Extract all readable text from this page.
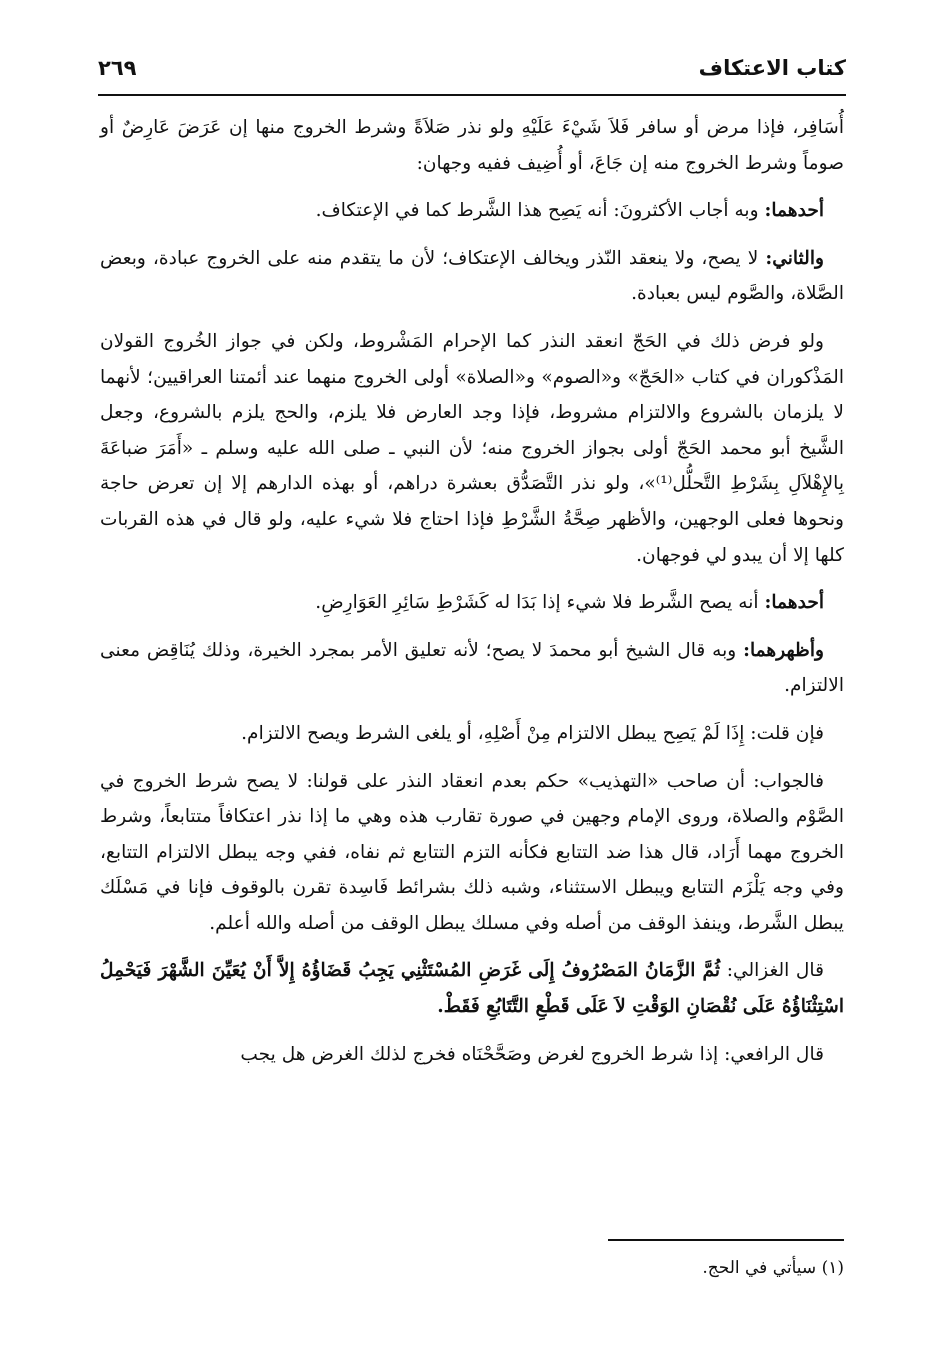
كتاب الاعتكاف
٢٦٩

أُسَافِر، فإذا مرض أو سافر فَلاَ شَيْءَ عَلَيْهِ ولو نذر صَلاَةً وشرط الخروج منها إن عَرَضَ عَارِضٌ أو صوماً وشرط الخروج منه إن جَاعَ، أو أُضِيف ففيه وجهان:

أحدهما: وبه أجاب الأكثرونَ: أنه يَصِح هذا الشَّرط كما في الإعتكاف.

والثاني: لا يصح، ولا ينعقد النّذر ويخالف الإعتكاف؛ لأن ما يتقدم منه على الخروج عبادة، وبعض الصَّلاة، والصَّوم ليس بعبادة.

ولو فرض ذلك في الحَجّ انعقد النذر كما الإحرام المَشْروط، ولكن في جواز الخُروج القولان المَذْكوران في كتاب «الحَجّ» و«الصوم» و«الصلاة» أولى الخروج منهما عند أئمتنا العراقيين؛ لأنهما لا يلزمان بالشروع والالتزام مشروط، فإذا وجد العارض فلا يلزم، والحج يلزم بالشروع، وجعل الشَّيخ أبو محمد الحَجّ أولى بجواز الخروج منه؛ لأن النبي ـ صلى الله عليه وسلم ـ «أَمَرَ ضباعَةَ بِالإِهْلاَلِ بِشَرْطِ التَّحلُّل⁽¹⁾»، ولو نذر التَّصَدُّق بعشرة دراهم، أو بهذه الدارهم إلا إن تعرض حاجة ونحوها فعلى الوجهين، والأظهر صِحَّةُ الشَّرْطِ فإذا احتاج فلا شيء عليه، ولو قال في هذه القربات كلها إلا أن يبدو لي فوجهان.

أحدهما: أنه يصح الشَّرط فلا شيء إذا بَدَا له كَشَرْطِ سَائِرِ العَوَارِضِ.

وأظهرهما: وبه قال الشيخ أبو محمدَ لا يصح؛ لأنه تعليق الأمر بمجرد الخيرة، وذلك يُنَاقِض معنى الالتزام.

فإن قلت: إِذَا لَمْ يَصِح يبطل الالتزام مِنْ أَصْلِهِ، أو يلغى الشرط ويصح الالتزام.

فالجواب: أن صاحب «التهذيب» حكم بعدم انعقاد النذر على قولنا: لا يصح شرط الخروج في الصَّوْم والصلاة، وروى الإمام وجهين في صورة تقارب هذه وهي ما إذا نذر اعتكافاً متتابعاً، وشرط الخروج مهما أَرَاد، قال هذا ضد التتابع فكأنه التزم التتابع ثم نفاه، ففي وجه يبطل الالتزام التتابع، وفي وجه يَلْزَم التتابع ويبطل الاستثناء، وشبه ذلك بشرائط فَاسِدة تقرن بالوقوف فإنا في مَسْلَك يبطل الشَّرط، وينفذ الوقف من أصله وفي مسلك يبطل الوقف من أصله والله أعلم.

قال الغزالي: ثُمَّ الزَّمَانُ المَصْرُوفُ إِلَى غَرَضِ المُسْتَثْنِي يَجِبُ قَضَاؤُهُ إِلاَّ أَنْ يُعَيِّنَ الشَّهْرَ فَيَحْمِلُ اسْتِثْنَاؤُهُ عَلَى نُقْصَانِ الوَقْتِ لاَ عَلَى قَطْعِ التَّتَابُعِ فَقَطْ.

قال الرافعي: إذا شرط الخروج لغرض وصَحَّحْنَاه فخرج لذلك الغرض هل يجب

(١) سيأتي في الحج.
